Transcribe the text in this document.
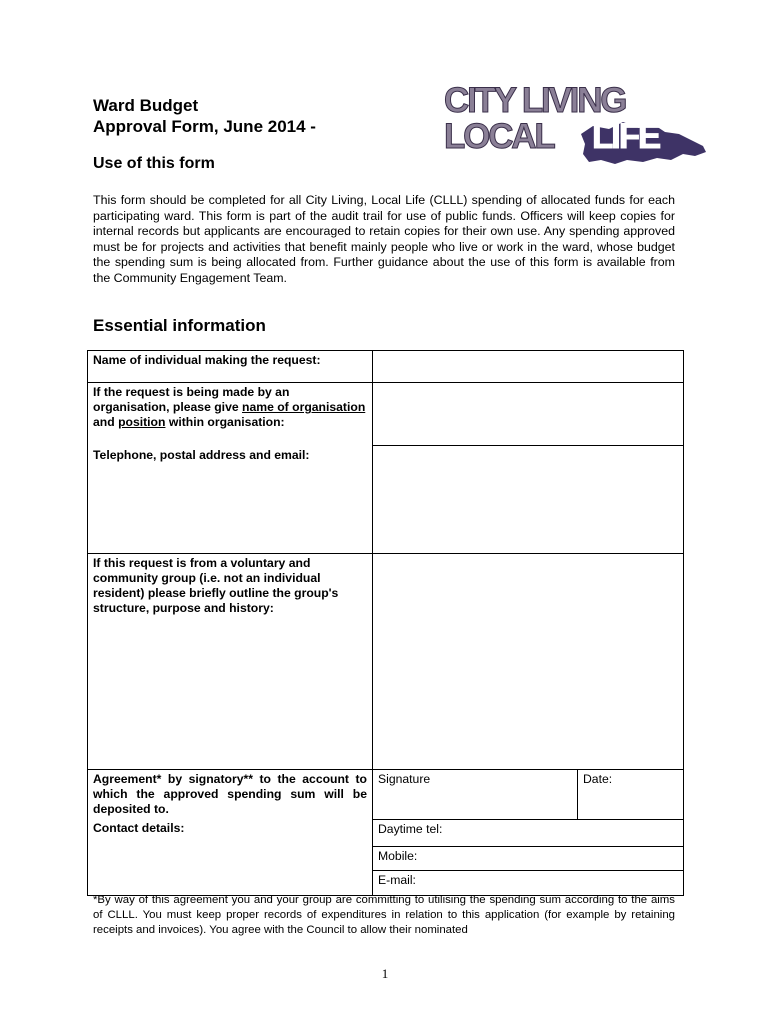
Ward Budget
Approval Form, June 2014 -
CITY LIVING
LOCAL LIFE
Use of this form

This form should be completed for all City Living, Local Life (CLLL) spending of allocated funds for each participating ward. This form is part of the audit trail for use of public funds. Officers will keep copies for internal records but applicants are encouraged to retain copies for their own use. Any spending approved must be for projects and activities that benefit mainly people who live or work in the ward, whose budget the spending sum is being allocated from. Further guidance about the use of this form is available from the Community Engagement Team.

Essential information
Name of individual making the request:		
If the request is being made by an organisation, please give name of organisation and position within organisation:		
Telephone, postal address and email:		
If this request is from a voluntary and community group (i.e. not an individual resident) please briefly outline the group's structure, purpose and history:		
Agreement* by signatory** to the account to which the approved spending sum will be deposited to.	Signature	Date:
Contact details:	Daytime tel:	
	Mobile:	
	E-mail:	

*By way of this agreement you and your group are committing to utilising the spending sum according to the aims of CLLL. You must keep proper records of expenditures in relation to this application (for example by retaining receipts and invoices). You agree with the Council to allow their nominated

1
